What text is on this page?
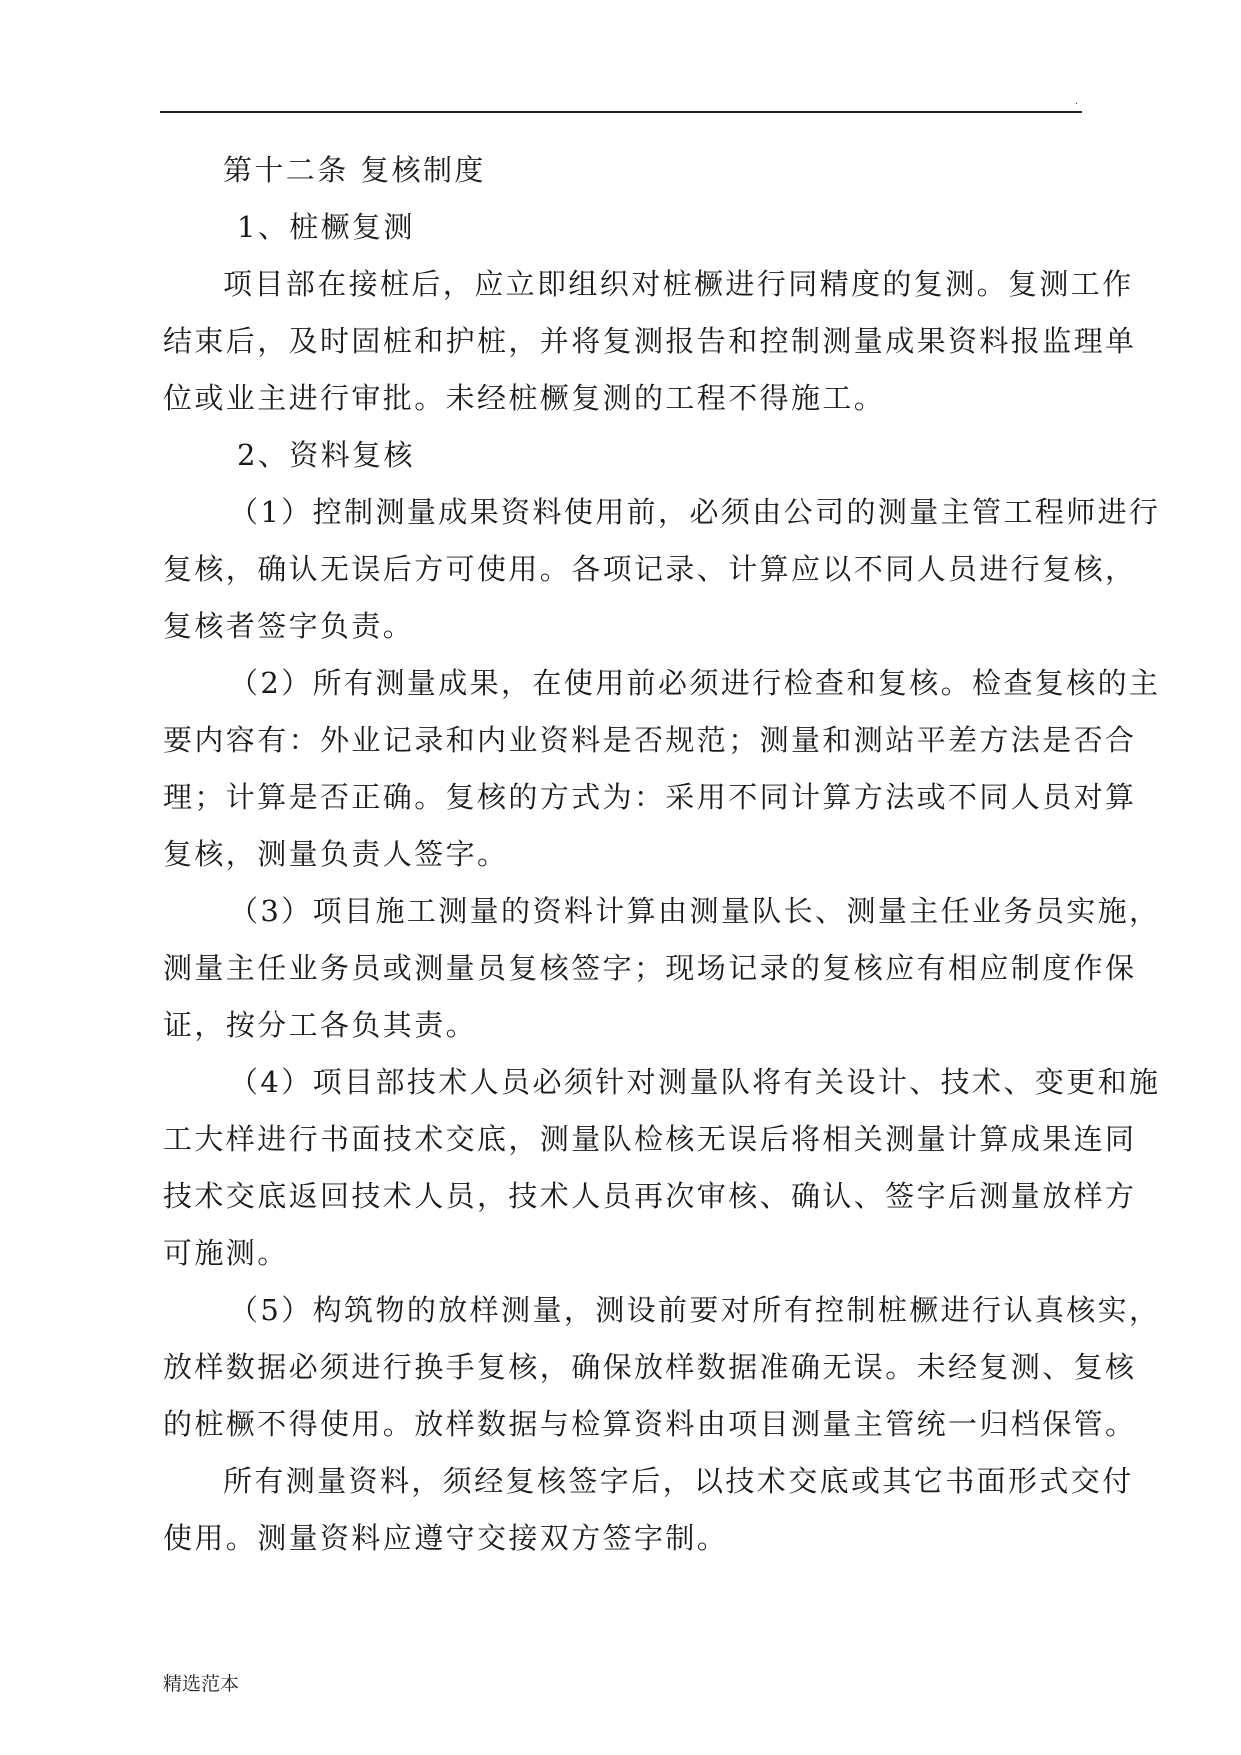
.
第十二条 复核制度
1、桩橛复测
项目部在接桩后，应立即组织对桩橛进行同精度的复测。复测工作
结束后，及时固桩和护桩，并将复测报告和控制测量成果资料报监理单
位或业主进行审批。未经桩橛复测的工程不得施工。
2、资料复核
（1）控制测量成果资料使用前，必须由公司的测量主管工程师进行
复核，确认无误后方可使用。各项记录、计算应以不同人员进行复核，
复核者签字负责。
（2）所有测量成果，在使用前必须进行检查和复核。检查复核的主
要内容有：外业记录和内业资料是否规范；测量和测站平差方法是否合
理；计算是否正确。复核的方式为：采用不同计算方法或不同人员对算
复核，测量负责人签字。
（3）项目施工测量的资料计算由测量队长、测量主任业务员实施，
测量主任业务员或测量员复核签字；现场记录的复核应有相应制度作保
证，按分工各负其责。
（4）项目部技术人员必须针对测量队将有关设计、技术、变更和施
工大样进行书面技术交底，测量队检核无误后将相关测量计算成果连同
技术交底返回技术人员，技术人员再次审核、确认、签字后测量放样方
可施测。
（5）构筑物的放样测量，测设前要对所有控制桩橛进行认真核实，
放样数据必须进行换手复核，确保放样数据准确无误。未经复测、复核
的桩橛不得使用。放样数据与检算资料由项目测量主管统一归档保管。
所有测量资料，须经复核签字后，以技术交底或其它书面形式交付
使用。测量资料应遵守交接双方签字制。
精选范本
